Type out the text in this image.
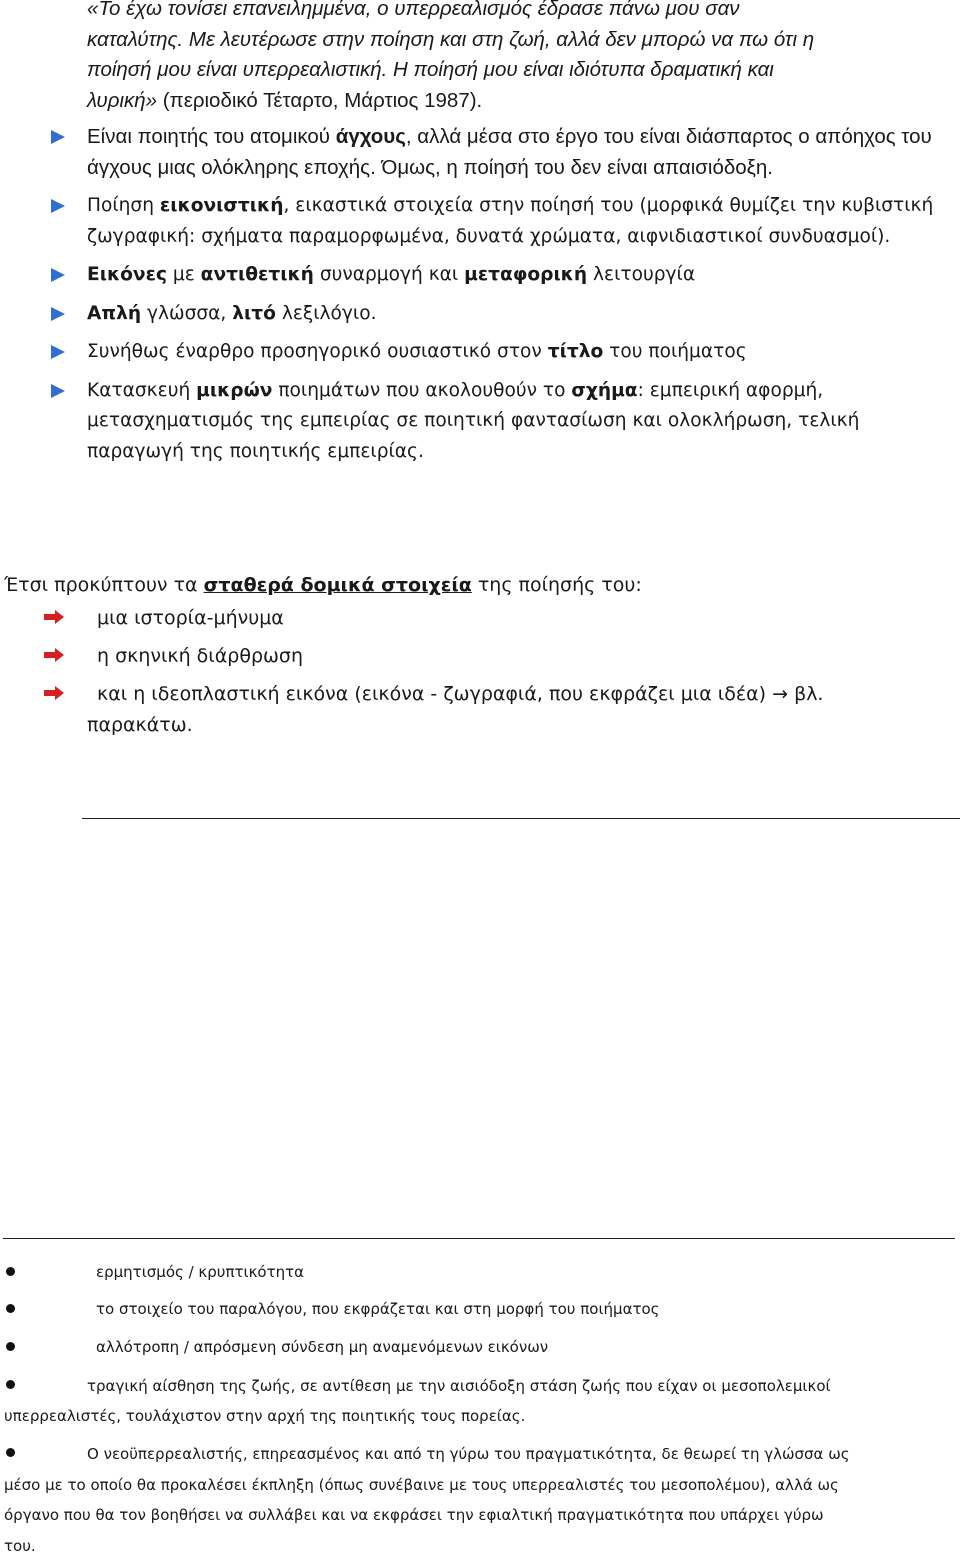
«Το έχω τονίσει επανειλημμένα, ο υπερρεαλισμός έδρασε πάνω μου σαν
καταλύτης. Με λευτέρωσε στην ποίηση και στη ζωή, αλλά δεν μπορώ να πω ότι η
ποίησή μου είναι υπερρεαλιστική. Η ποίησή μου είναι ιδιότυπα δραματική και
λυρική» (περιοδικό Τέταρτο, Μάρτιος 1987).

Είναι ποιητής του ατομικού άγχους, αλλά μέσα στο έργο του είναι διάσπαρτος ο απόηχος του άγχους μιας ολόκληρης εποχής. Όμως, η ποίησή του δεν είναι απαισιόδοξη.

Ποίηση εικονιστική, εικαστικά στοιχεία στην ποίησή του (μορφικά θυμίζει την κυβιστική ζωγραφική: σχήματα παραμορφωμένα, δυνατά χρώματα, αιφνιδιαστικοί συνδυασμοί).

Εικόνες με αντιθετική συναρμογή και μεταφορική λειτουργία

Απλή γλώσσα, λιτό λεξιλόγιο.

Συνήθως έναρθρο προσηγορικό ουσιαστικό στον τίτλο του ποιήματος

Κατασκευή μικρών ποιημάτων που ακολουθούν το σχήμα: εμπειρική αφορμή, μετασχηματισμός της εμπειρίας σε ποιητική φαντασίωση και ολοκλήρωση, τελική παραγωγή της ποιητικής εμπειρίας.

Έτσι προκύπτουν τα σταθερά δομικά στοιχεία της ποίησής του:
μια ιστορία-μήνυμα
η σκηνική διάρθρωση
και η ιδεοπλαστική εικόνα (εικόνα - ζωγραφιά, που εκφράζει μια ιδέα) → βλ.
παρακάτω.
ερμητισμός / κρυπτικότητα
το στοιχείο του παραλόγου, που εκφράζεται και στη μορφή του ποιήματος
αλλότροπη / απρόσμενη σύνδεση μη αναμενόμενων εικόνων
τραγική αίσθηση της ζωής, σε αντίθεση με την αισιόδοξη στάση ζωής που είχαν οι μεσοπολεμικοί
υπερρεαλιστές, τουλάχιστον στην αρχή της ποιητικής τους πορείας.
Ο νεοϋπερρεαλιστής, επηρεασμένος και από τη γύρω του πραγματικότητα, δε θεωρεί τη γλώσσα ως
μέσο με το οποίο θα προκαλέσει έκπληξη (όπως συνέβαινε με τους υπερρεαλιστές του μεσοπολέμου), αλλά ως
όργανο που θα τον βοηθήσει να συλλάβει και να εκφράσει την εφιαλτική πραγματικότητα που υπάρχει γύρω
του.
